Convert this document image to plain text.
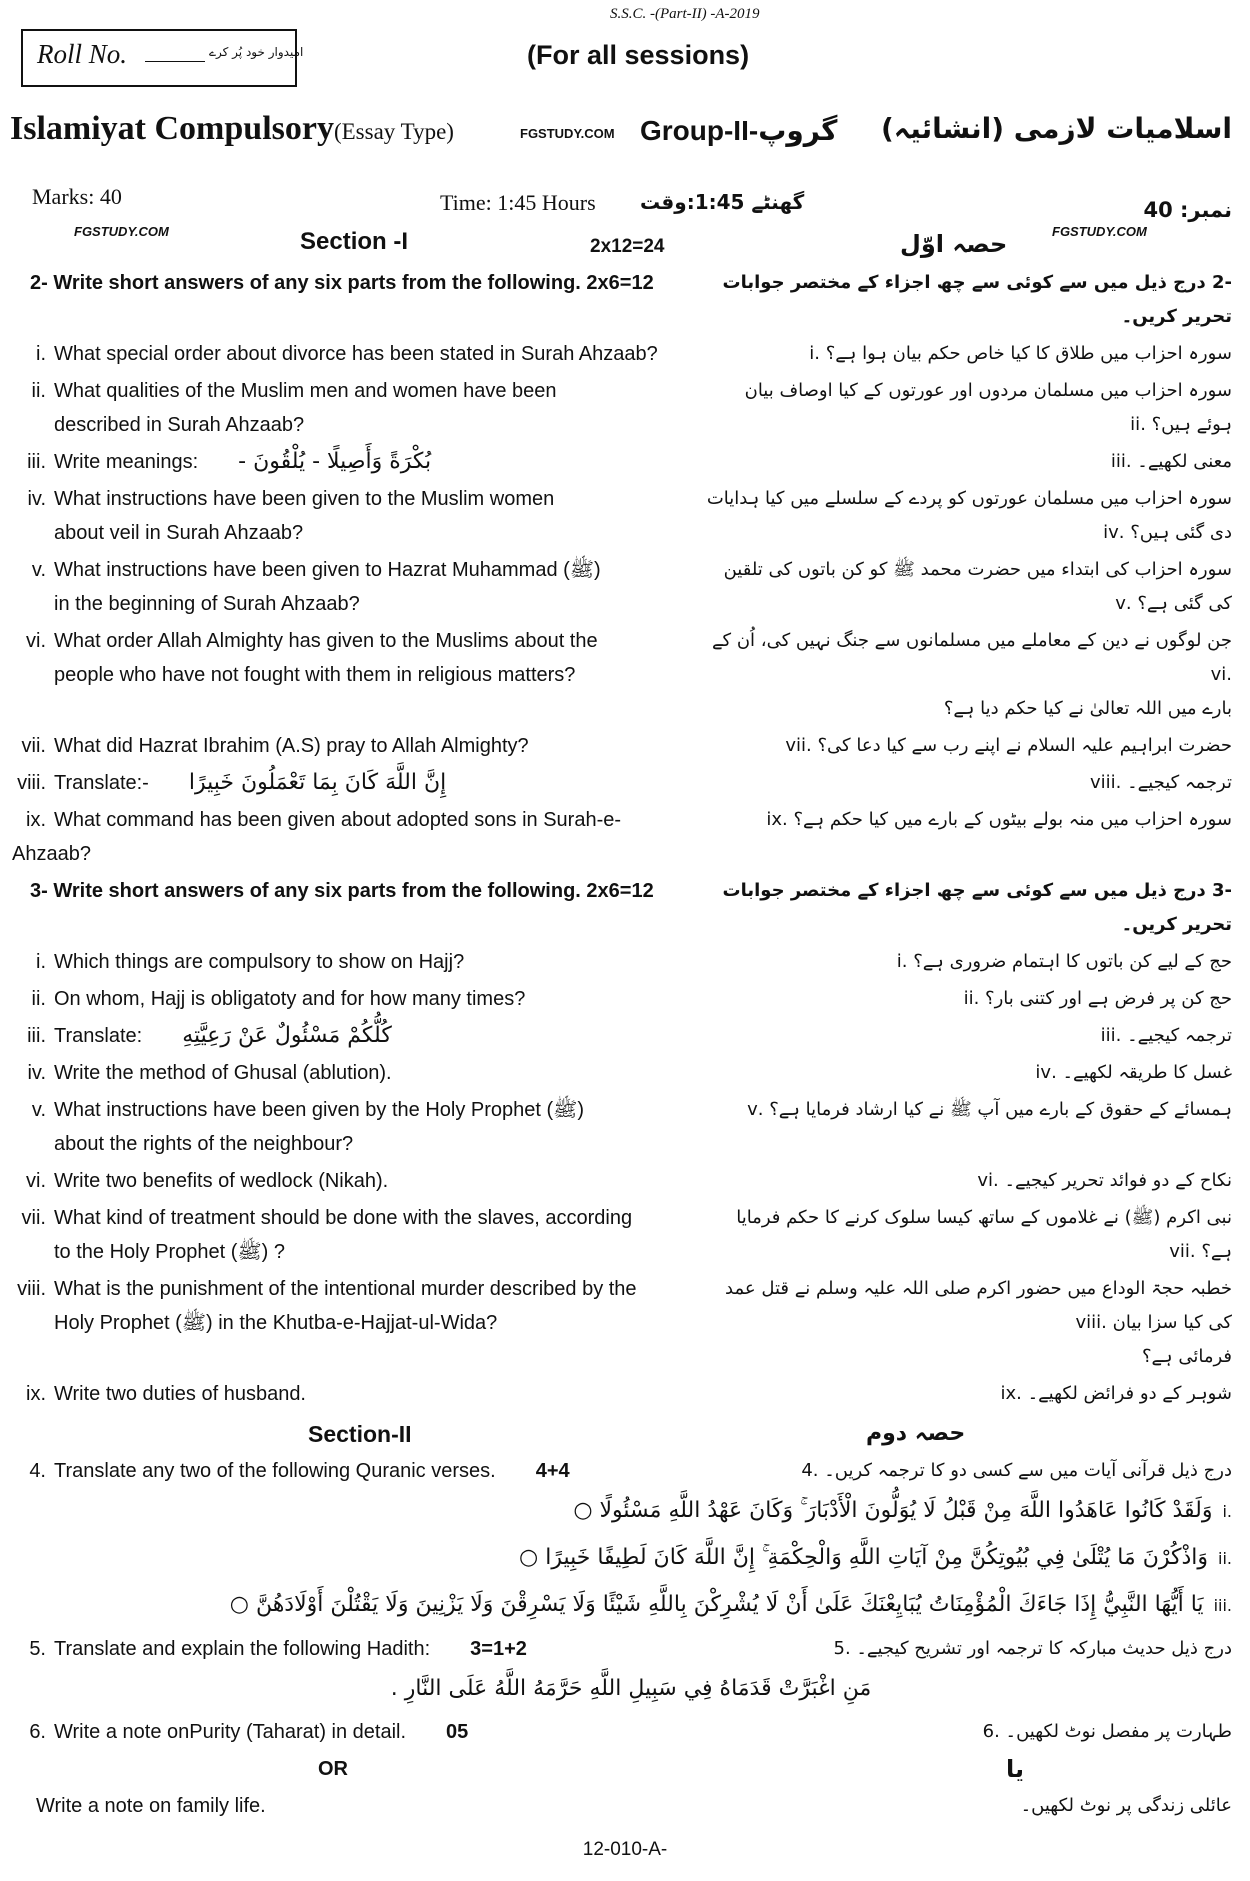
S.S.C. -(Part-II) -A-2019
Roll No.	امیدوار خود پُر کرے	(For all sessions)
Islamiyat Compulsory(Essay Type)	FGSTUDY.COM Group-II-گروپ اسلامیات لازمی (انشائیہ)
Marks: 40	Time: 1:45 Hours گھنٹے 1:45:وقت	نمبر: 40
FGSTUDY.COM	FGSTUDY.COM
Section -I	2x12=24	حصہ اوّل
2- Write short answers of any six parts from the following. 2x6=12	-2 درج ذیل میں سے کوئی سے چھ اجزاء کے مختصر جوابات تحریر کریں۔
i. What special order about divorce has been stated in Surah Ahzaab?	سورہ احزاب میں طلاق کا کیا خاص حکم بیان ہوا ہے؟ .i
ii. What qualities of the Muslim men and women have been
described in Surah Ahzaab?
سورہ احزاب میں مسلمان مردوں اور عورتوں کے کیا اوصاف بیان ہوئے ہیں؟ .ii
iii. Write meanings: بُكْرَةً وَأَصِيلًا - يُلْقُونَ -	معنی لکھیے۔ .iii
iv. What instructions have been given to the Muslim women
about veil in Surah Ahzaab?
سورہ احزاب میں مسلمان عورتوں کو پردے کے سلسلے میں کیا ہدایات دی گئی ہیں؟ .iv
v. What instructions have been given to Hazrat Muhammad (ﷺ)
in the beginning of Surah Ahzaab?
سورہ احزاب کی ابتداء میں حضرت محمد ﷺ کو کن باتوں کی تلقین کی گئی ہے؟ .v
vi. What order Allah Almighty has given to the Muslims about the
people who have not fought with them in religious matters?
جن لوگوں نے دین کے معاملے میں مسلمانوں سے جنگ نہیں کی، اُن کے .vi
بارے میں اللہ تعالیٰ نے کیا حکم دیا ہے؟
vii. What did Hazrat Ibrahim (A.S) pray to Allah Almighty?	حضرت ابراہیم علیہ السلام نے اپنے رب سے کیا دعا کی؟ .vii
viii. Translate:- إِنَّ اللَّهَ كَانَ بِمَا تَعْمَلُونَ خَبِيرًا	ترجمہ کیجیے۔ .viii
ix. What command has been given about adopted sons in Surah-e-Ahzaab?
سورہ احزاب میں منہ بولے بیٹوں کے بارے میں کیا حکم ہے؟ .ix
3- Write short answers of any six parts from the following. 2x6=12	-3 درج ذیل میں سے کوئی سے چھ اجزاء کے مختصر جوابات تحریر کریں۔
i. Which things are compulsory to show on Hajj?	حج کے لیے کن باتوں کا اہتمام ضروری ہے؟ .i
ii. On whom, Hajj is obligatoty and for how many times?	حج کن پر فرض ہے اور کتنی بار؟ .ii
iii. Translate: كُلُّكُمْ مَسْئُولٌ عَنْ رَعِيَّتِهِ	ترجمہ کیجیے۔ .iii
iv. Write the method of Ghusal (ablution).	غسل کا طریقہ لکھیے۔ .iv
v. What instructions have been given by the Holy Prophet (ﷺ)
about the rights of the neighbour?
ہمسائے کے حقوق کے بارے میں آپ ﷺ نے کیا ارشاد فرمایا ہے؟ .v
vi. Write two benefits of wedlock (Nikah).	نکاح کے دو فوائد تحریر کیجیے۔ .vi
vii. What kind of treatment should be done with the slaves, according
to the Holy Prophet (ﷺ) ?
نبی اکرم (ﷺ) نے غلاموں کے ساتھ کیسا سلوک کرنے کا حکم فرمایا ہے؟ .vii
viii. What is the punishment of the intentional murder described by the
Holy Prophet (ﷺ) in the Khutba-e-Hajjat-ul-Wida?
خطبہ حجۃ الوداع میں حضور اکرم صلی اللہ علیہ وسلم نے قتل عمد کی کیا سزا بیان .viii
فرمائی ہے؟
ix. Write two duties of husband.	شوہر کے دو فرائض لکھیے۔ .ix
Section-II	حصہ دوم
4. Translate any two of the following Quranic verses. 4+4	درج ذیل قرآنی آیات میں سے کسی دو کا ترجمہ کریں۔ .4
.iوَلَقَدْ كَانُوا عَاهَدُوا اللَّهَ مِنْ قَبْلُ لَا يُوَلُّونَ الْأَدْبَارَ ۚ وَكَانَ عَهْدُ اللَّهِ مَسْئُولًا ○
.iiوَاذْكُرْنَ مَا يُتْلَىٰ فِي بُيُوتِكُنَّ مِنْ آيَاتِ اللَّهِ وَالْحِكْمَةِ ۚ إِنَّ اللَّهَ كَانَ لَطِيفًا خَبِيرًا ○
.iiiيَا أَيُّهَا النَّبِيُّ إِذَا جَاءَكَ الْمُؤْمِنَاتُ يُبَايِعْنَكَ عَلَىٰ أَنْ لَا يُشْرِكْنَ بِاللَّهِ شَيْئًا وَلَا يَسْرِقْنَ وَلَا يَزْنِينَ وَلَا يَقْتُلْنَ أَوْلَادَهُنَّ ○
5. Translate and explain the following Hadith: 3=1+2	درج ذیل حدیث مبارکہ کا ترجمہ اور تشریح کیجیے۔ .5
مَنِ اغْبَرَّتْ قَدَمَاهُ فِي سَبِيلِ اللَّهِ حَرَّمَهُ اللَّهُ عَلَى النَّارِ .
6. Write a note onPurity (Taharat) in detail. 05	طہارت پر مفصل نوٹ لکھیں۔ .6
OR	یا
Write a note on family life.	عائلی زندگی پر نوٹ لکھیں۔
12-010-A-
